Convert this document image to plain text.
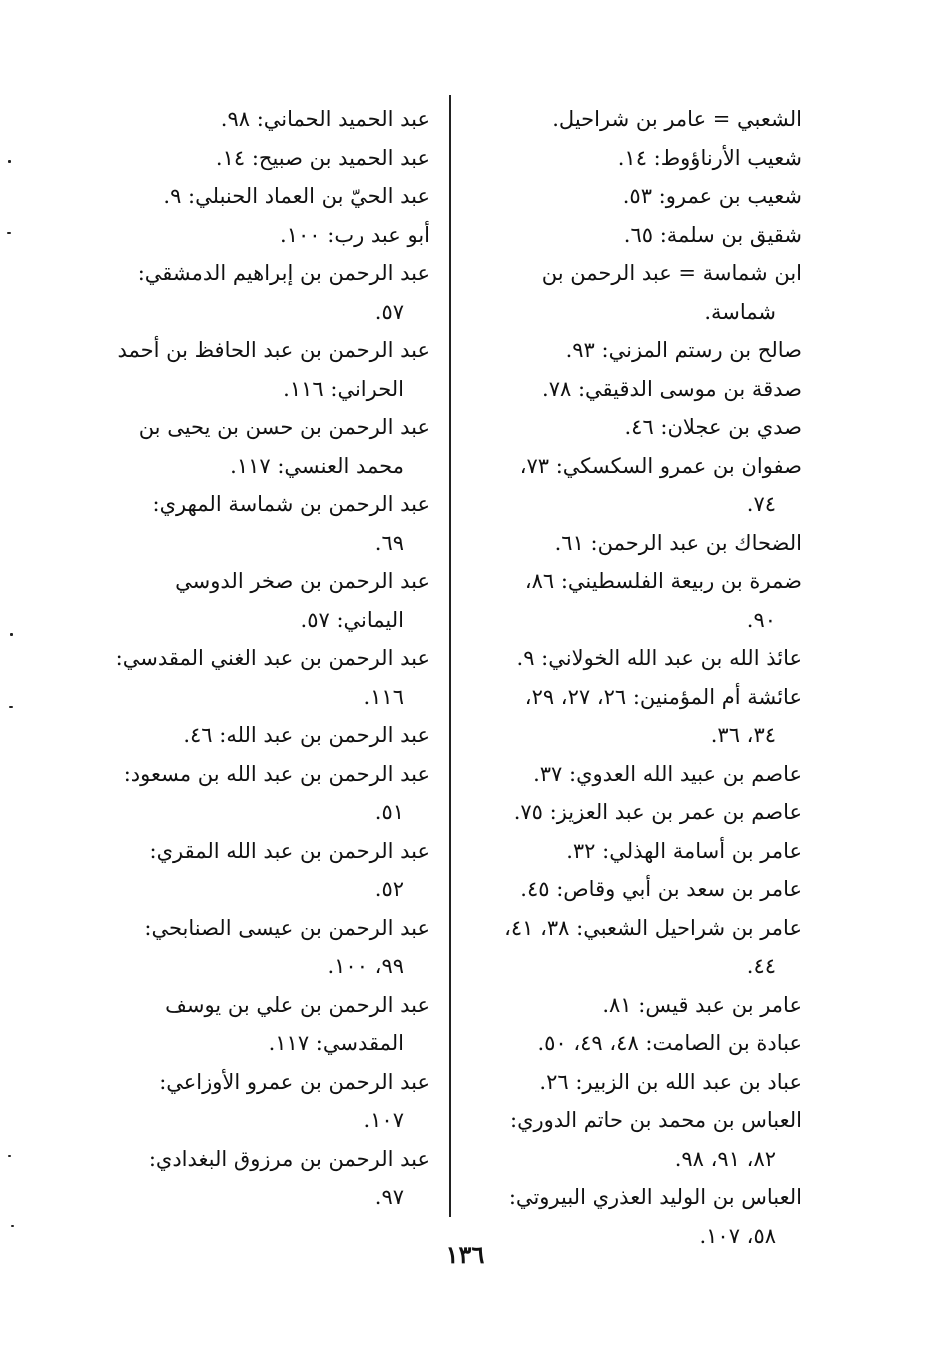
الشعبي = عامر بن شراحيل.

شعيب الأرناؤوط: ١٤.

شعيب بن عمرو: ٥٣.

شقيق بن سلمة: ٦٥.

ابن شماسة = عبد الرحمن بن
شماسة.

صالح بن رستم المزني: ٩٣.

صدقة بن موسى الدقيقي: ٧٨.

صدي بن عجلان: ٤٦.

صفوان بن عمرو السكسكي: ٧٣،
٧٤.

الضحاك بن عبد الرحمن: ٦١.

ضمرة بن ربيعة الفلسطيني: ٨٦،
٩٠.

عائذ الله بن عبد الله الخولاني: ٩.

عائشة أم المؤمنين: ٢٦، ٢٧، ٢٩،
٣٤، ٣٦.

عاصم بن عبيد الله العدوي: ٣٧.

عاصم بن عمر بن عبد العزيز: ٧٥.

عامر بن أسامة الهذلي: ٣٢.

عامر بن سعد بن أبي وقاص: ٤٥.

عامر بن شراحيل الشعبي: ٣٨، ٤١،
٤٤.

عامر بن عبد قيس: ٨١.

عبادة بن الصامت: ٤٨، ٤٩، ٥٠.

عباد بن عبد الله بن الزبير: ٢٦.

العباس بن محمد بن حاتم الدوري:
٨٢، ٩١، ٩٨.

العباس بن الوليد العذري البيروتي:
٥٨، ١٠٧.

عبد الحميد الحماني: ٩٨.

عبد الحميد بن صبيح: ١٤.

عبد الحيّ بن العماد الحنبلي: ٩.

أبو عبد رب: ١٠٠.

عبد الرحمن بن إبراهيم الدمشقي:
٥٧.

عبد الرحمن بن عبد الحافظ بن أحمد
الحراني: ١١٦.

عبد الرحمن بن حسن بن يحيى بن
محمد العنسي: ١١٧.

عبد الرحمن بن شماسة المهري:
٦٩.

عبد الرحمن بن صخر الدوسي
اليماني: ٥٧.

عبد الرحمن بن عبد الغني المقدسي:
١١٦.

عبد الرحمن بن عبد الله: ٤٦.

عبد الرحمن بن عبد الله بن مسعود:
٥١.

عبد الرحمن بن عبد الله المقري:
٥٢.

عبد الرحمن بن عيسى الصنابحي:
٩٩، ١٠٠.

عبد الرحمن بن علي بن يوسف
المقدسي: ١١٧.

عبد الرحمن بن عمرو الأوزاعي:
١٠٧.

عبد الرحمن بن مرزوق البغدادي:
٩٧.

١٣٦
